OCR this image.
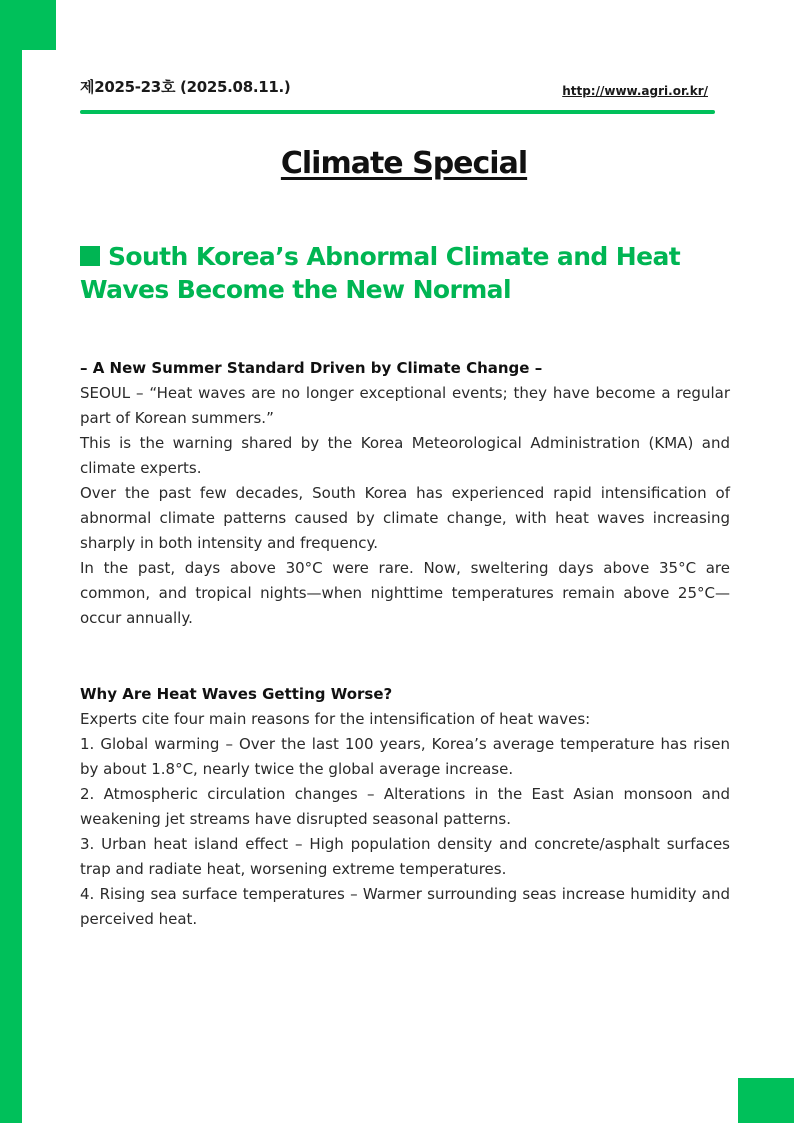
제2025-23호 (2025.08.11.)	http://www.agri.or.kr/
Climate Special
South Korea’s Abnormal Climate and Heat Waves Become the New Normal

– A New Summer Standard Driven by Climate Change –

SEOUL – “Heat waves are no longer exceptional events; they have become a regular part of Korean summers.”

This is the warning shared by the Korea Meteorological Administration (KMA) and climate experts.

Over the past few decades, South Korea has experienced rapid intensification of abnormal climate patterns caused by climate change, with heat waves increasing sharply in both intensity and frequency.

In the past, days above 30°C were rare. Now, sweltering days above 35°C are common, and tropical nights—when nighttime temperatures remain above 25°C—occur annually.

Why Are Heat Waves Getting Worse?

Experts cite four main reasons for the intensification of heat waves:

1. Global warming – Over the last 100 years, Korea’s average temperature has risen by about 1.8°C, nearly twice the global average increase.

2. Atmospheric circulation changes – Alterations in the East Asian monsoon and weakening jet streams have disrupted seasonal patterns.

3. Urban heat island effect – High population density and concrete/asphalt surfaces trap and radiate heat, worsening extreme temperatures.

4. Rising sea surface temperatures – Warmer surrounding seas increase humidity and perceived heat.
